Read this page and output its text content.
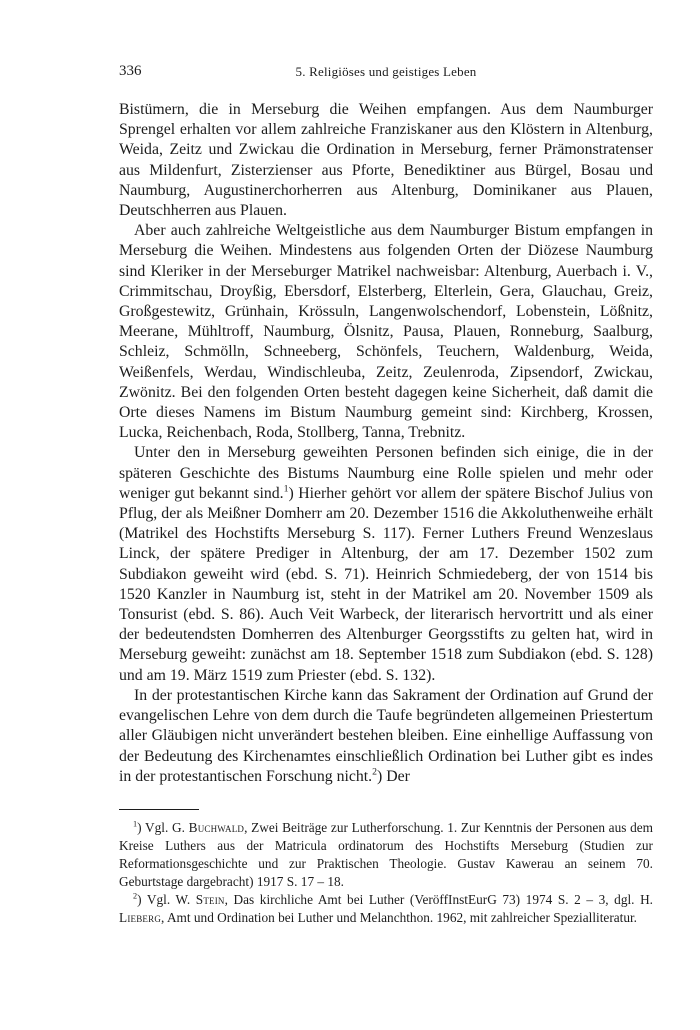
336	5. Religiöses und geistiges Leben

Bistümern, die in Merseburg die Weihen empfangen. Aus dem Naumburger Sprengel erhalten vor allem zahlreiche Franziskaner aus den Klöstern in Altenburg, Weida, Zeitz und Zwickau die Ordination in Merseburg, ferner Prämonstratenser aus Mildenfurt, Zisterzienser aus Pforte, Benediktiner aus Bürgel, Bosau und Naumburg, Augustinerchorherren aus Altenburg, Dominikaner aus Plauen, Deutschherren aus Plauen.

Aber auch zahlreiche Weltgeistliche aus dem Naumburger Bistum empfangen in Merseburg die Weihen. Mindestens aus folgenden Orten der Diözese Naumburg sind Kleriker in der Merseburger Matrikel nachweisbar: Altenburg, Auerbach i. V., Crimmitschau, Droyßig, Ebersdorf, Elsterberg, Elterlein, Gera, Glauchau, Greiz, Großgestewitz, Grünhain, Krössuln, Langenwolschendorf, Lobenstein, Lößnitz, Meerane, Mühltroff, Naumburg, Ölsnitz, Pausa, Plauen, Ronneburg, Saalburg, Schleiz, Schmölln, Schneeberg, Schönfels, Teuchern, Waldenburg, Weida, Weißenfels, Werdau, Windischleuba, Zeitz, Zeulenroda, Zipsendorf, Zwickau, Zwönitz. Bei den folgenden Orten besteht dagegen keine Sicherheit, daß damit die Orte dieses Namens im Bistum Naumburg gemeint sind: Kirchberg, Krossen, Lucka, Reichenbach, Roda, Stollberg, Tanna, Trebnitz.

Unter den in Merseburg geweihten Personen befinden sich einige, die in der späteren Geschichte des Bistums Naumburg eine Rolle spielen und mehr oder weniger gut bekannt sind.$^1$) Hierher gehört vor allem der spätere Bischof Julius von Pflug, der als Meißner Domherr am 20. Dezember 1516 die Akkoluthenweihe erhält (Matrikel des Hochstifts Merseburg S. 117). Ferner Luthers Freund Wenzeslaus Linck, der spätere Prediger in Altenburg, der am 17. Dezember 1502 zum Subdiakon geweiht wird (ebd. S. 71). Heinrich Schmiedeberg, der von 1514 bis 1520 Kanzler in Naumburg ist, steht in der Matrikel am 20. November 1509 als Tonsurist (ebd. S. 86). Auch Veit Warbeck, der literarisch hervortritt und als einer der bedeutendsten Domherren des Altenburger Georgsstifts zu gelten hat, wird in Merseburg geweiht: zunächst am 18. September 1518 zum Subdiakon (ebd. S. 128) und am 19. März 1519 zum Priester (ebd. S. 132).

In der protestantischen Kirche kann das Sakrament der Ordination auf Grund der evangelischen Lehre von dem durch die Taufe begründeten allgemeinen Priestertum aller Gläubigen nicht unverändert bestehen bleiben. Eine einhellige Auffassung von der Bedeutung des Kirchenamtes einschließlich Ordination bei Luther gibt es indes in der protestantischen Forschung nicht.$^2$) Der

$^1$) Vgl. G. Buchwald, Zwei Beiträge zur Lutherforschung. 1. Zur Kenntnis der Personen aus dem Kreise Luthers aus der Matricula ordinatorum des Hochstifts Merseburg (Studien zur Reformationsgeschichte und zur Praktischen Theologie. Gustav Kawerau an seinem 70. Geburtstage dargebracht) 1917 S. 17 – 18.

$^2$) Vgl. W. Stein, Das kirchliche Amt bei Luther (VeröffInstEurG 73) 1974 S. 2 – 3, dgl. H. Lieberg, Amt und Ordination bei Luther und Melanchthon. 1962, mit zahlreicher Spezialliteratur.
